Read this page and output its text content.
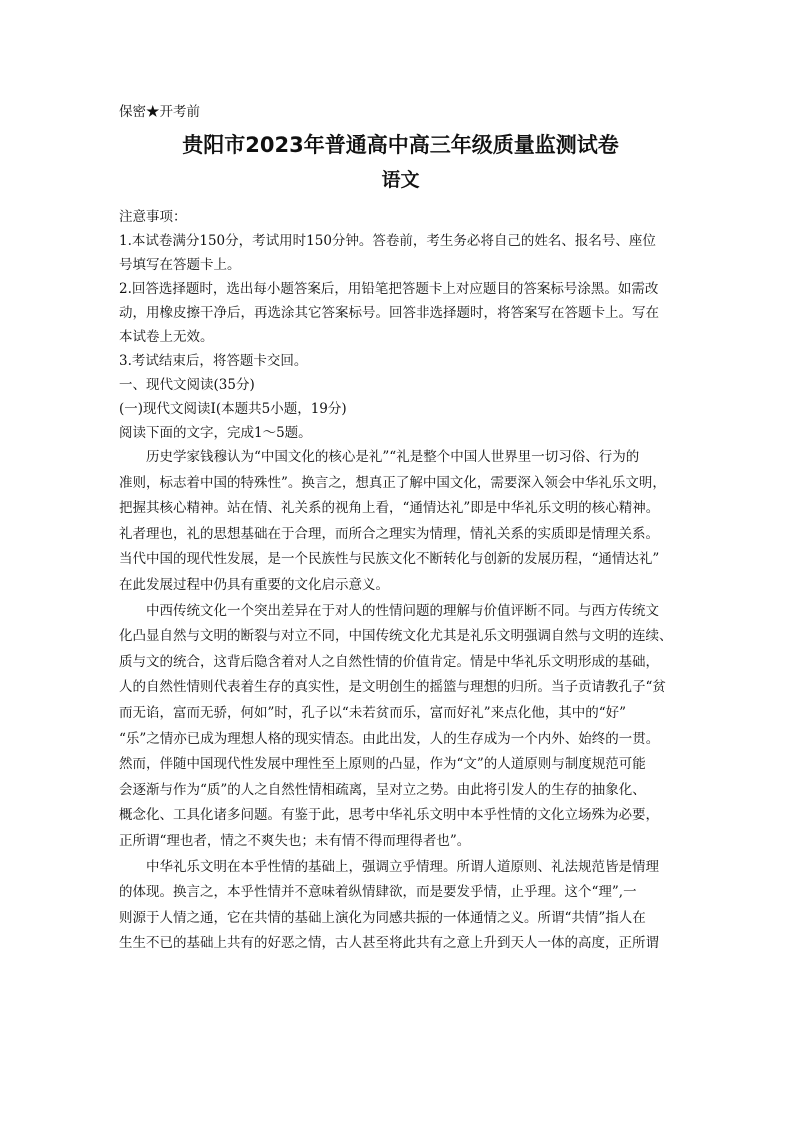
保密★开考前
贵阳市2023年普通高中高三年级质量监测试卷
语文
注意事项：
1.本试卷满分150分，考试用时150分钟。答卷前，考生务必将自己的姓名、报名号、座位
号填写在答题卡上。
2.回答选择题时，选出每小题答案后，用铅笔把答题卡上对应题目的答案标号涂黑。如需改
动，用橡皮擦干净后，再选涂其它答案标号。回答非选择题时，将答案写在答题卡上。写在
本试卷上无效。
3.考试结束后，将答题卡交回。
一、现代文阅读(35分)
(一)现代文阅读I(本题共5小题，19分)
阅读下面的文字，完成1～5题。
历史学家钱穆认为“中国文化的核心是礼”“礼是整个中国人世界里一切习俗、行为的
准则，标志着中国的特殊性”。换言之，想真正了解中国文化，需要深入领会中华礼乐文明，
把握其核心精神。站在情、礼关系的视角上看，“通情达礼”即是中华礼乐文明的核心精神。
礼者理也，礼的思想基础在于合理，而所合之理实为情理，情礼关系的实质即是情理关系。
当代中国的现代性发展，是一个民族性与民族文化不断转化与创新的发展历程，“通情达礼”
在此发展过程中仍具有重要的文化启示意义。
中西传统文化一个突出差异在于对人的性情问题的理解与价值评断不同。与西方传统文
化凸显自然与文明的断裂与对立不同，中国传统文化尤其是礼乐文明强调自然与文明的连续、
质与文的统合，这背后隐含着对人之自然性情的价值肯定。情是中华礼乐文明形成的基础，
人的自然性情则代表着生存的真实性，是文明创生的摇篮与理想的归所。当子贡请教孔子“贫
而无谄，富而无骄，何如”时，孔子以“未若贫而乐，富而好礼”来点化他，其中的“好”
“乐”之情亦已成为理想人格的现实情态。由此出发，人的生存成为一个内外、始终的一贯。
然而，伴随中国现代性发展中理性至上原则的凸显，作为“文”的人道原则与制度规范可能
会逐渐与作为“质”的人之自然性情相疏离，呈对立之势。由此将引发人的生存的抽象化、
概念化、工具化诸多问题。有鉴于此，思考中华礼乐文明中本乎性情的文化立场殊为必要，
正所谓“理也者，情之不爽失也；未有情不得而理得者也”。
中华礼乐文明在本乎性情的基础上，强调立乎情理。所谓人道原则、礼法规范皆是情理
的体现。换言之，本乎性情并不意味着纵情肆欲，而是要发乎情，止乎理。这个“理”,一
则源于人情之通，它在共情的基础上演化为同感共振的一体通情之义。所谓“共情”指人在
生生不已的基础上共有的好恶之情，古人甚至将此共有之意上升到天人一体的高度，正所谓
